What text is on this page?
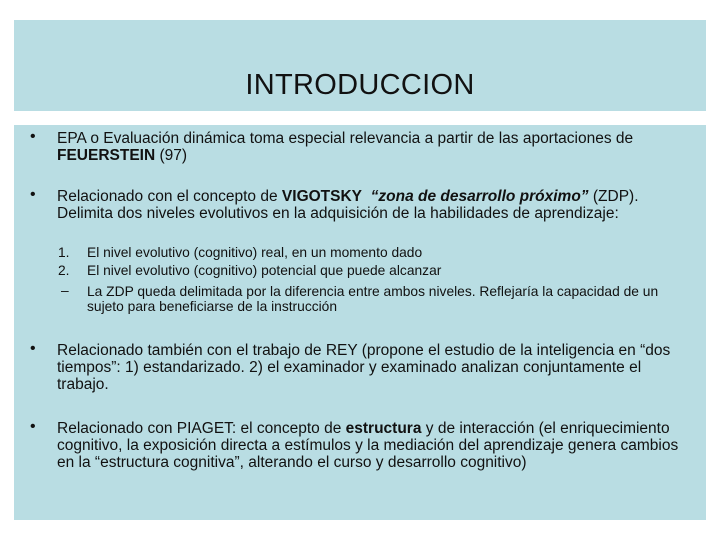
INTRODUCCION
• EPA o Evaluación dinámica toma especial relevancia a partir de las aportaciones de FEUERSTEIN (97)
• Relacionado con el concepto de VIGOTSKY “zona de desarrollo próximo” (ZDP). Delimita dos niveles evolutivos en la adquisición de la habilidades de aprendizaje:
1. El nivel evolutivo (cognitivo) real, en un momento dado
2. El nivel evolutivo (cognitivo) potencial que puede alcanzar
– La ZDP queda delimitada por la diferencia entre ambos niveles. Reflejaría la capacidad de un sujeto para beneficiarse de la instrucción
• Relacionado también con el trabajo de REY (propone el estudio de la inteligencia en “dos tiempos”: 1) estandarizado. 2) el examinador y examinado analizan conjuntamente el trabajo.
• Relacionado con PIAGET: el concepto de estructura y de interacción (el enriquecimiento cognitivo, la exposición directa a estímulos y la mediación del aprendizaje genera cambios en la “estructura cognitiva”, alterando el curso y desarrollo cognitivo)
